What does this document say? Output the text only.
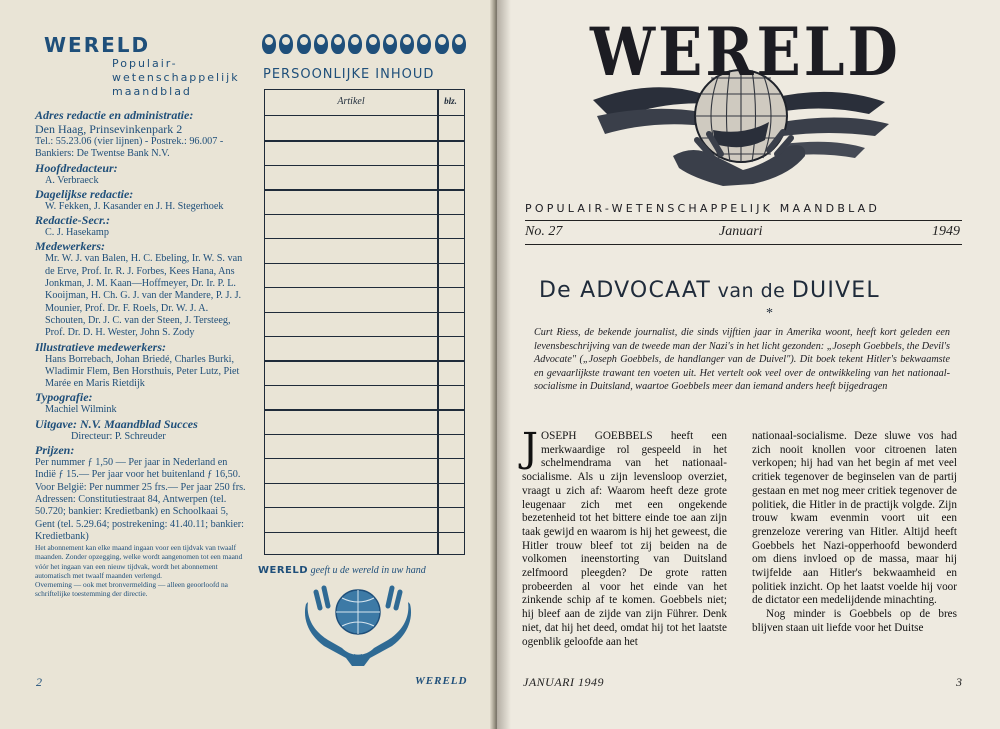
WERELD
Populair-
wetenschappelijk
maandblad
Adres redactie en administratie:
Den Haag, Prinsevinkenpark 2
Tel.: 55.23.06 (vier lijnen) - Postrek.: 96.007 - Bankiers: De Twentse Bank N.V.
Hoofdredacteur:
A. Verbraeck
Dagelijkse redactie:
W. Fekken, J. Kasander en J. H. Stegerhoek
Redactie-Secr.:
C. J. Hasekamp
Medewerkers:
Mr. W. J. van Balen, H. C. Ebeling, Ir. W. S. van de Erve, Prof. Ir. R. J. Forbes, Kees Hana, Ans Jonkman, J. M. Kaan—Hoffmeyer, Dr. Ir. P. L. Kooijman, H. Ch. G. J. van der Mandere, P. J. J. Mounier, Prof. Dr. F. Roels, Dr. W. J. A. Schouten, Dr. J. C. van der Steen, J. Tersteeg, Prof. Dr. D. H. Wester, John S. Zody
Illustratieve medewerkers:
Hans Borrebach, Johan Briedé, Charles Burki, Wladimir Flem, Ben Horsthuis, Peter Lutz, Piet Marée en Maris Rietdijk
Typografie:
Machiel Wilmink
Uitgave: N.V. Maandblad Succes
Directeur: P. Schreuder
Prijzen:
Per nummer ƒ 1,50 — Per jaar in Nederland en Indië ƒ 15.— Per jaar voor het buitenland ƒ 16,50.
Voor België: Per nummer 25 frs.— Per jaar 250 frs. Adressen: Constitutiestraat 84, Antwerpen (tel. 50.720; bankier: Kredietbank) en Schoolkaai 5, Gent (tel. 5.29.64; postrekening: 41.40.11; bankier: Kredietbank)
Het abonnement kan elke maand ingaan voor een tijdvak van twaalf maanden. Zonder opzegging, welke wordt aangenomen tot een maand vóór het ingaan van een nieuw tijdvak, wordt het abonnement automatisch met twaalf maanden verlengd.
Overneming — ook met bronvermelding — alleen geoorloofd na schriftelijke toestemming der directie.
PERSOONLIJKE INHOUD
Artikel	blz.
WERELD geeft u de wereld in uw hand
2	WERELD
WERELD
POPULAIR-WETENSCHAPPELIJK MAANDBLAD
No. 27	Januari	1949
De ADVOCAAT van de DUIVEL
*
Curt Riess, de bekende journalist, die sinds vijftien jaar in Amerika woont, heeft kort geleden een levensbeschrijving van de tweede man der Nazi's in het licht gezonden: „Joseph Goebbels, the Devil's Advocate" („Joseph Goebbels, de handlanger van de Duivel"). Dit boek tekent Hitler's bekwaamste en gevaarlijkste trawant ten voeten uit. Het vertelt ook veel over de ontwikkeling van het nationaal-socialisme in Duitsland, waartoe Goebbels meer dan iemand anders heeft bijgedragen

JOSEPH GOEBBELS heeft een merkwaardige rol gespeeld in het schelmendrama van het nationaal-socialisme. Als u zijn levensloop overziet, vraagt u zich af: Waarom heeft deze grote leugenaar zich met een ongekende bezetenheid tot het bittere einde toe aan zijn taak gewijd en waarom is hij het geweest, die Hitler trouw bleef tot zij beiden na de volkomen ineenstorting van Duitsland zelfmoord pleegden? De grote ratten probeerden al voor het einde van het zinkende schip af te komen. Goebbels niet; hij bleef aan de zijde van zijn Führer. Denk niet, dat hij het deed, omdat hij tot het laatste ogenblik geloofde aan het

nationaal-socialisme. Deze sluwe vos had zich nooit knollen voor citroenen laten verkopen; hij had van het begin af met veel critiek tegenover de beginselen van de partij gestaan en met nog meer critiek tegenover de politiek, die Hitler in de practijk volgde. Zijn trouw kwam evenmin voort uit een grenzeloze verering van Hitler. Altijd heeft Goebbels het Nazi-opperhoofd bewonderd om diens invloed op de massa, maar hij twijfelde aan Hitler's bekwaamheid en politiek inzicht. Op het laatst voelde hij voor de dictator een medelijdende minachting.

Nog minder is Goebbels op de bres blijven staan uit liefde voor het Duitse

JANUARI 1949	3
